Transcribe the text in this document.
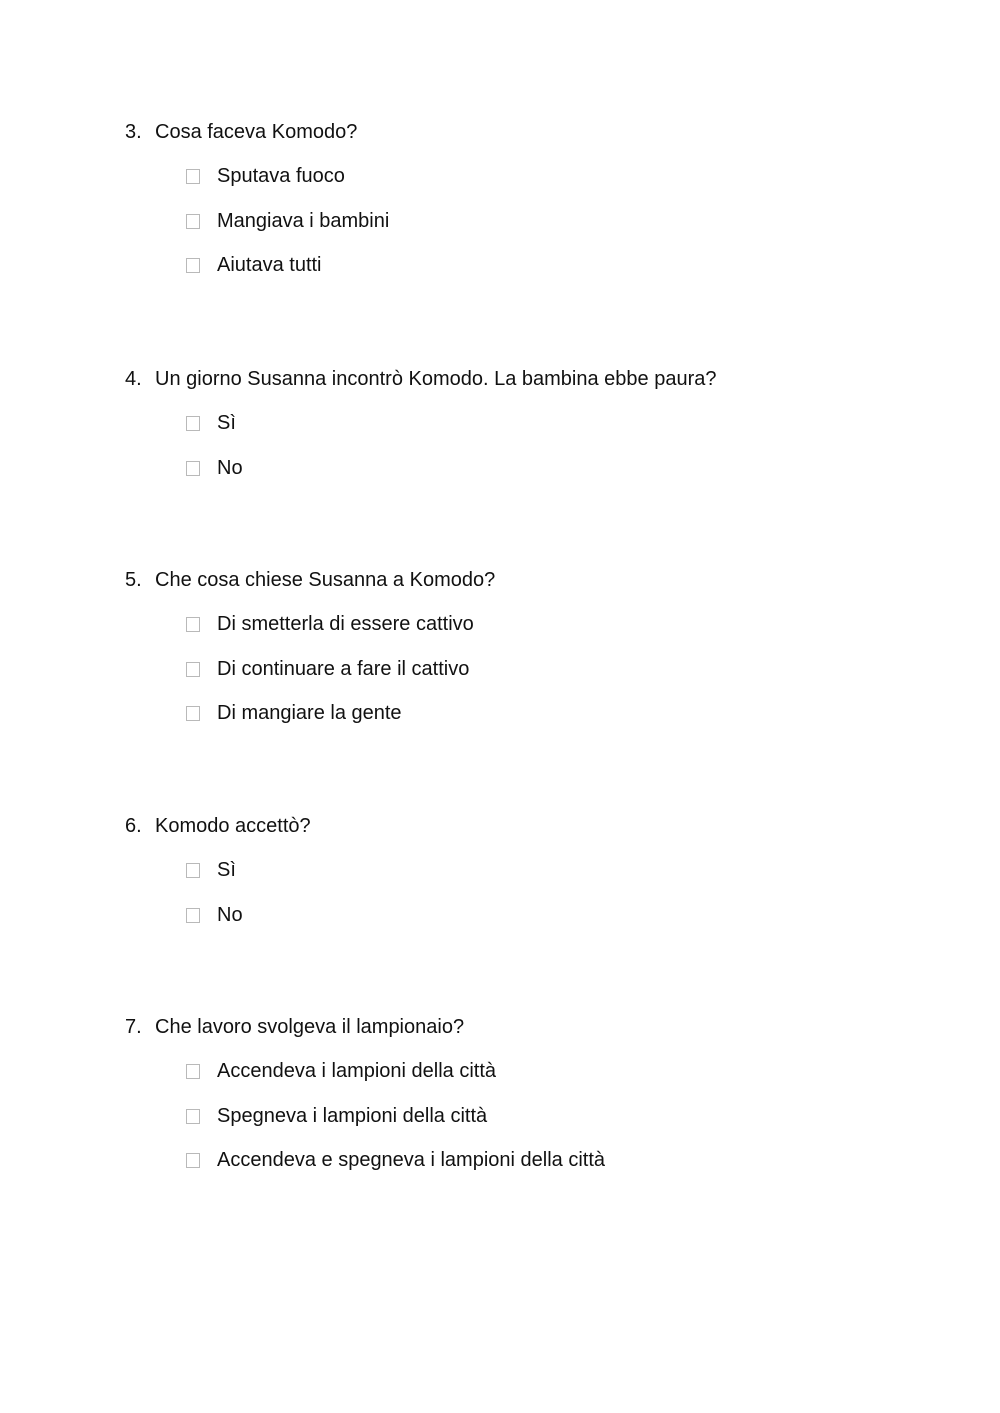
3. Cosa faceva Komodo?
Sputava fuoco
Mangiava i bambini
Aiutava tutti
4. Un giorno Susanna incontrò Komodo. La bambina ebbe paura?
Sì
No
5. Che cosa chiese Susanna a Komodo?
Di smetterla di essere cattivo
Di continuare a fare il cattivo
Di mangiare la gente
6. Komodo accettò?
Sì
No
7. Che lavoro svolgeva il lampionaio?
Accendeva i lampioni della città
Spegneva i lampioni della città
Accendeva e spegneva i lampioni della città
